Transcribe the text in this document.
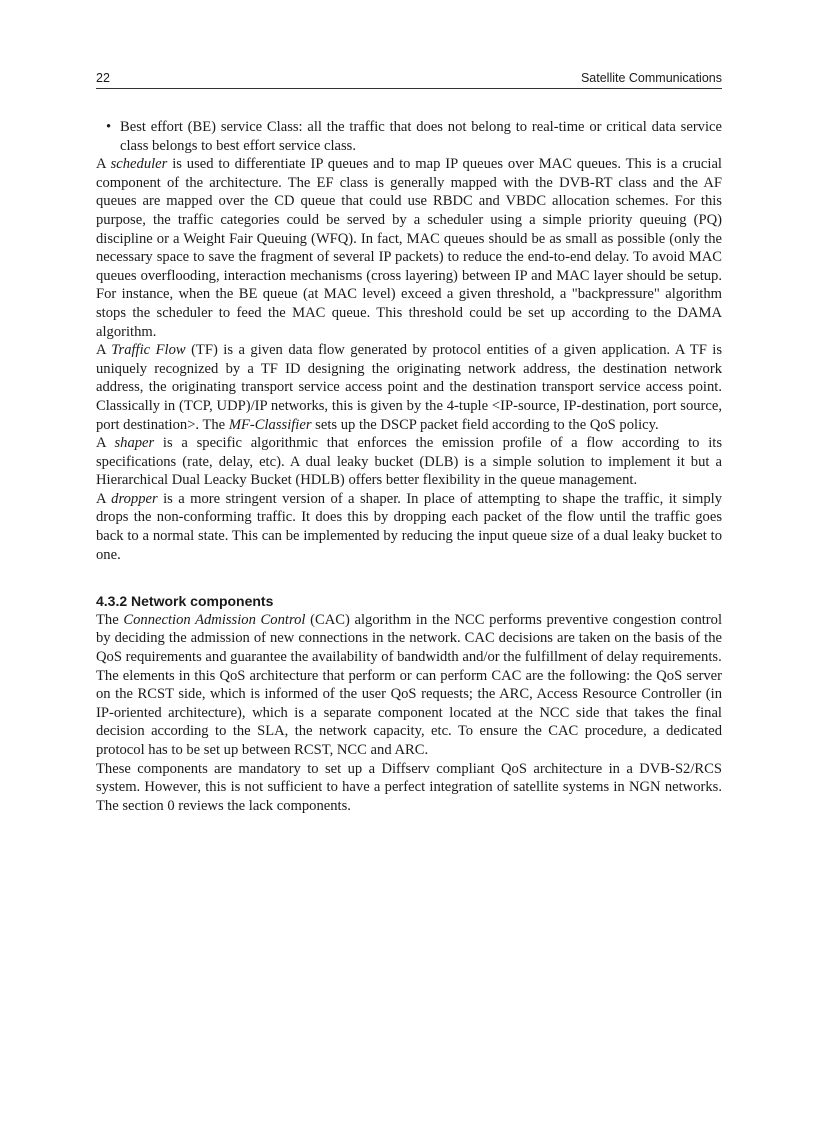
22	Satellite Communications

• Best effort (BE) service Class: all the traffic that does not belong to real-time or critical data service class belongs to best effort service class.

A scheduler is used to differentiate IP queues and to map IP queues over MAC queues. This is a crucial component of the architecture. The EF class is generally mapped with the DVB-RT class and the AF queues are mapped over the CD queue that could use RBDC and VBDC allocation schemes. For this purpose, the traffic categories could be served by a scheduler using a simple priority queuing (PQ) discipline or a Weight Fair Queuing (WFQ). In fact, MAC queues should be as small as possible (only the necessary space to save the fragment of several IP packets) to reduce the end-to-end delay. To avoid MAC queues overflooding, interaction mechanisms (cross layering) between IP and MAC layer should be setup. For instance, when the BE queue (at MAC level) exceed a given threshold, a "backpressure" algorithm stops the scheduler to feed the MAC queue. This threshold could be set up according to the DAMA algorithm.

A Traffic Flow (TF) is a given data flow generated by protocol entities of a given application. A TF is uniquely recognized by a TF ID designing the originating network address, the destination network address, the originating transport service access point and the destination transport service access point. Classically in (TCP, UDP)/IP networks, this is given by the 4-tuple <IP-source, IP-destination, port source, port destination>. The MF-Classifier sets up the DSCP packet field according to the QoS policy.

A shaper is a specific algorithmic that enforces the emission profile of a flow according to its specifications (rate, delay, etc). A dual leaky bucket (DLB) is a simple solution to implement it but a Hierarchical Dual Leacky Bucket (HDLB) offers better flexibility in the queue management.

A dropper is a more stringent version of a shaper. In place of attempting to shape the traffic, it simply drops the non-conforming traffic. It does this by dropping each packet of the flow until the traffic goes back to a normal state. This can be implemented by reducing the input queue size of a dual leaky bucket to one.

4.3.2 Network components

The Connection Admission Control (CAC) algorithm in the NCC performs preventive congestion control by deciding the admission of new connections in the network. CAC decisions are taken on the basis of the QoS requirements and guarantee the availability of bandwidth and/or the fulfillment of delay requirements.

The elements in this QoS architecture that perform or can perform CAC are the following: the QoS server on the RCST side, which is informed of the user QoS requests; the ARC, Access Resource Controller (in IP-oriented architecture), which is a separate component located at the NCC side that takes the final decision according to the SLA, the network capacity, etc. To ensure the CAC procedure, a dedicated protocol has to be set up between RCST, NCC and ARC.

These components are mandatory to set up a Diffserv compliant QoS architecture in a DVB-S2/RCS system. However, this is not sufficient to have a perfect integration of satellite systems in NGN networks. The section 0 reviews the lack components.
